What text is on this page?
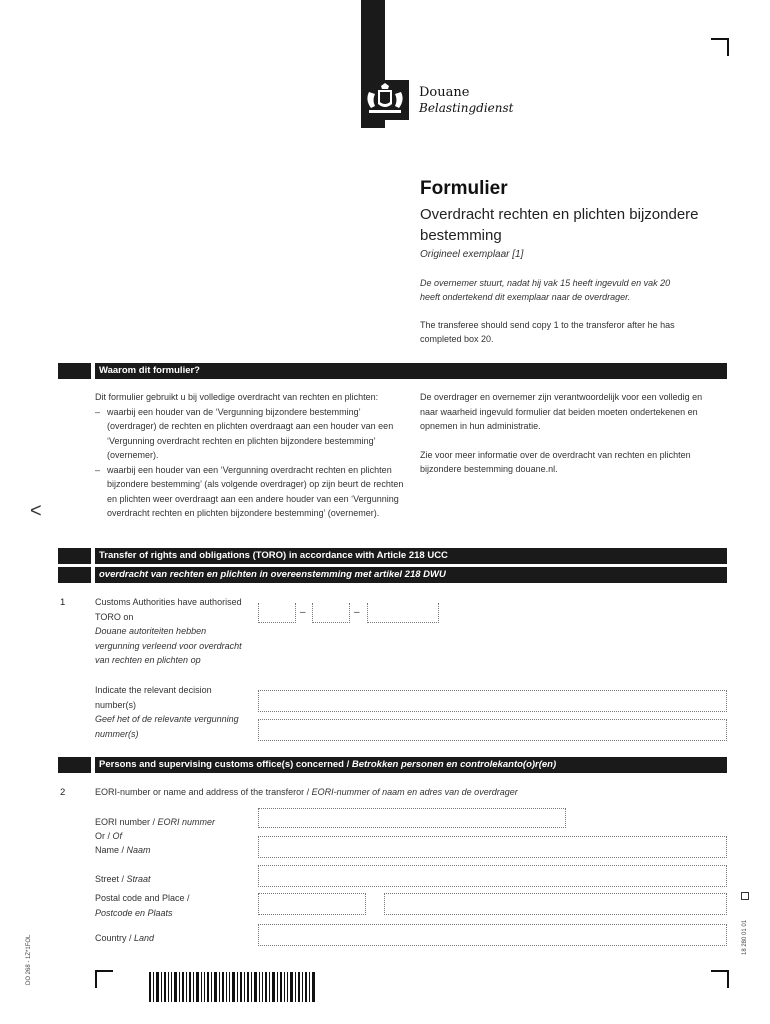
Douane
Belastingdienst
Formulier
Overdracht rechten en plichten bijzondere bestemming
Origineel exemplaar [1]
De overnemer stuurt, nadat hij vak 15 heeft ingevuld en vak 20 heeft ondertekend dit exemplaar naar de overdrager.
The transferee should send copy 1 to the transferor after he has completed box 20.
Waarom dit formulier?
Dit formulier gebruikt u bij volledige overdracht van rechten en plichten:
– waarbij een houder van de ‘Vergunning bijzondere bestemming’ (overdrager) de rechten en plichten overdraagt aan een houder van een ‘Vergunning overdracht rechten en plichten bijzondere bestemming’ (overnemer).
– waarbij een houder van een ‘Vergunning overdracht rechten en plichten bijzondere bestemming’ (als volgende overdrager) op zijn beurt de rechten en plichten weer overdraagt aan een andere houder van een ‘Vergunning overdracht rechten en plichten bijzondere bestemming’ (overnemer).
De overdrager en overnemer zijn verantwoordelijk voor een volledig en naar waarheid ingevuld formulier dat beiden moeten ondertekenen en opnemen in hun administratie.
Zie voor meer informatie over de overdracht van rechten en plichten bijzondere bestemming douane.nl.
<
Transfer of rights and obligations (TORO) in accordance with Article 218 UCC
overdracht van rechten en plichten in overeenstemming met artikel 218 DWU
1	Customs Authorities have authorised TORO on
Douane autoriteiten hebben vergunning verleend voor overdracht van rechten en plichten op
–	–
Indicate the relevant decision number(s)
Geef het of de relevante vergunning nummer(s)
Persons and supervising customs office(s) concerned / Betrokken personen en controlekanto(o)r(en)
2	EORI-number or name and address of the transferor / EORI-nummer of naam en adres van de overdrager
EORI number / EORI nummer
Or / Of
Name / Naam
Street / Straat
Postal code and Place /
Postcode en Plaats
Country / Land
DO 268 - 1Z*1FOL	18 280 01 01
